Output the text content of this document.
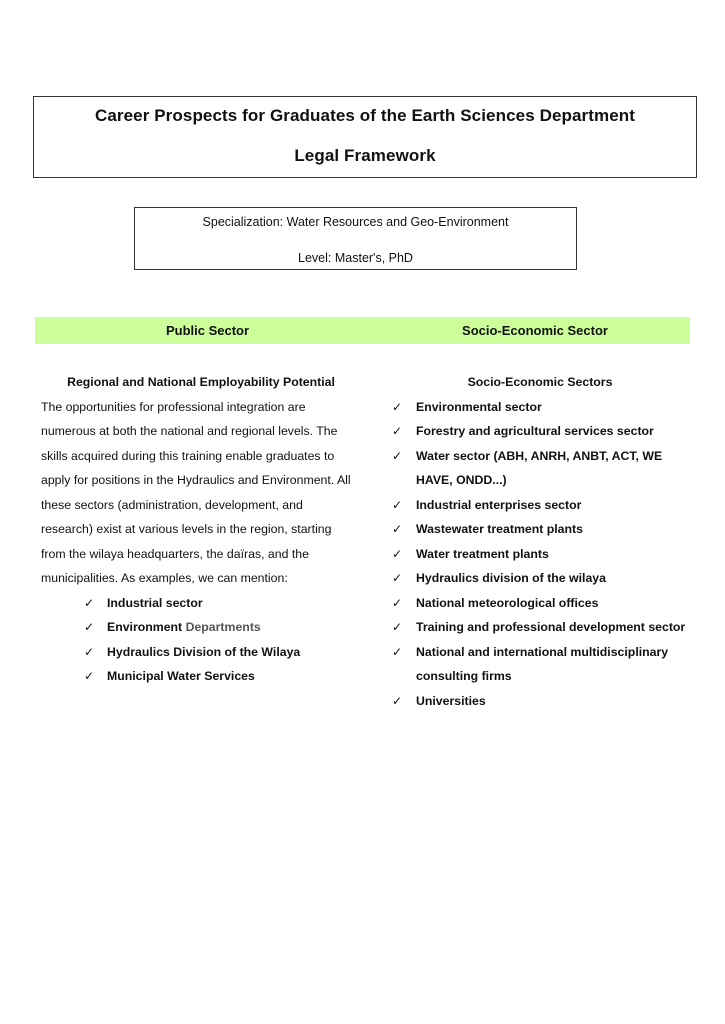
Career Prospects for Graduates of the Earth Sciences Department
Legal Framework
Specialization: Water Resources and Geo-Environment
Level: Master's, PhD
Public Sector	Socio-Economic Sector
Regional and National Employability Potential
The opportunities for professional integration are
numerous at both the national and regional levels. The
skills acquired during this training enable graduates to
apply for positions in the Hydraulics and Environment. All
these sectors (administration, development, and
research) exist at various levels in the region, starting
from the wilaya headquarters, the daïras, and the
municipalities. As examples, we can mention:
✓ Industrial sector
✓ Environment Departments
✓ Hydraulics Division of the Wilaya
✓ Municipal Water Services
Socio-Economic Sectors
✓ Environmental sector
✓ Forestry and agricultural services sector
✓ Water sector (ABH, ANRH, ANBT, ACT, WE HAVE, ONDD...)
✓ Industrial enterprises sector
✓ Wastewater treatment plants
✓ Water treatment plants
✓ Hydraulics division of the wilaya
✓ National meteorological offices
✓ Training and professional development sector
✓ National and international multidisciplinary consulting firms
✓ Universities
